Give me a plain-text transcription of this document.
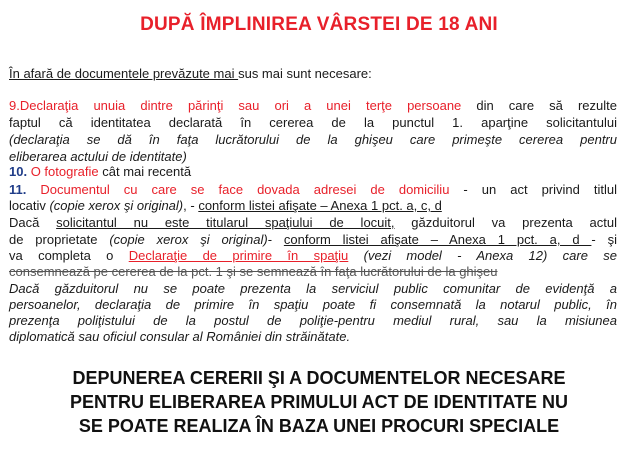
DUPĂ ÎMPLINIREA VÂRSTEI DE 18 ANI
În afară de documentele prevăzute mai sus mai sunt necesare:
9.Declaraţia unuia dintre părinţi sau ori a unei terţe persoane din care să rezulte
faptul că identitatea declarată în cererea de la punctul 1. aparţine solicitantului
(declaraţia se dă în faţa lucrătorului de la ghişeu care primeşte cererea pentru
eliberarea actului de identitate)
10. O fotografie cât mai recentă
11. Documentul cu care se face dovada adresei de domiciliu - un act privind titlul
locativ (copie xerox şi original), - conform listei afişate – Anexa 1 pct. a, c, d
Dacă solicitantul nu este titularul spaţiului de locuit, găzduitorul va prezenta actul
de proprietate (copie xerox şi original)- conform listei afişate – Anexa 1 pct. a, d - şi
va completa o Declaraţie de primire în spaţiu (vezi model - Anexa 12) care se
consemnează pe cererea de la pct. 1 şi se semnează în faţa lucrătorului de la ghişeu
Dacă găzduitorul nu se poate prezenta la serviciul public comunitar de evidenţă a
persoanelor, declaraţia de primire în spaţiu poate fi consemnată la notarul public, în
prezenţa poliţistului de la postul de poliţie-pentru mediul rural, sau la misiunea
diplomatică sau oficiul consular al României din străinătate.
DEPUNEREA CERERII ŞI A DOCUMENTELOR NECESARE
PENTRU ELIBERAREA PRIMULUI ACT DE IDENTITATE NU
SE POATE REALIZA ÎN BAZA UNEI PROCURI SPECIALE
